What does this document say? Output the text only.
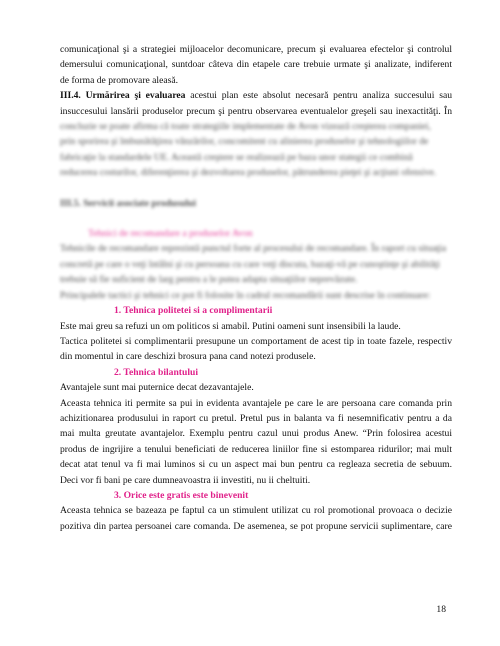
comunicaţional şi a strategiei mijloacelor decomunicare, precum şi evaluarea efectelor şi controlul

demersului comunicaţional, suntdoar câteva din etapele care trebuie urmate şi analizate, indiferent

de forma de promovare aleasă.

III.4. Urmărirea şi evaluarea acestui plan este absolut necesară pentru analiza succesului sau

insuccesului lansării produselor precum şi pentru observarea eventualelor greşeli sau inexactităţi. În

concluzie se poate afirma că toate strategiile implementate de Avon vizează creşterea companiei,

prin sporirea şi îmbunătăţirea vânzărilor, concomitent cu alinierea produselor şi tehnologiilor de

fabricaţie la standardele UE. Această creştere se realizează pe baza unor stategii ce combină

reducerea costurilor, diferenţierea şi dezvoltarea produselor, pătrunderea pieţei şi acţiuni ofensive.

III.5. Servicii asociate produsului

Tehnici de recomandare a produselor Avon

Tehnicile de recomandare reprezintă punctul forte al procesului de recomandare. În raport cu situaţia

concretă pe care o veţi întâlni şi cu persoana cu care veţi discuta, bazaţi-vă pe cunoştinţe şi abilităţi

trebuie să fie suficient de larg pentru a le putea adapta situaţiilor neprevăzute.

Principalele tactici şi tehnici ce pot fi folosite în cadrul recomandării sunt descrise în continuare:

1. Tehnica politetei si a complimentarii

Este mai greu sa refuzi un om politicos si amabil. Putini oameni sunt insensibili la laude.

Tactica politetei si complimentarii presupune un comportament de acest tip in toate fazele, respectiv

din momentul in care deschizi brosura pana cand notezi produsele.

2. Tehnica bilantului

Avantajele sunt mai puternice decat dezavantajele.

Aceasta tehnica iti permite sa pui in evidenta avantajele pe care le are persoana care comanda prin

achizitionarea produsului in raport cu pretul. Pretul pus in balanta va fi nesemnificativ pentru a da

mai multa greutate avantajelor. Exemplu pentru cazul unui produs Anew. “Prin folosirea acestui

produs de ingrijire a tenului beneficiati de reducerea liniilor fine si estomparea ridurilor; mai mult

decat atat tenul va fi mai luminos si cu un aspect mai bun pentru ca regleaza secretia de sebuum.

Deci vor fi bani pe care dumneavoastra ii investiti, nu ii cheltuiti.

3. Orice este gratis este binevenit

Aceasta tehnica se bazeaza pe faptul ca un stimulent utilizat cu rol promotional provoaca o decizie

pozitiva din partea persoanei care comanda. De asemenea, se pot propune servicii suplimentare, care

18
